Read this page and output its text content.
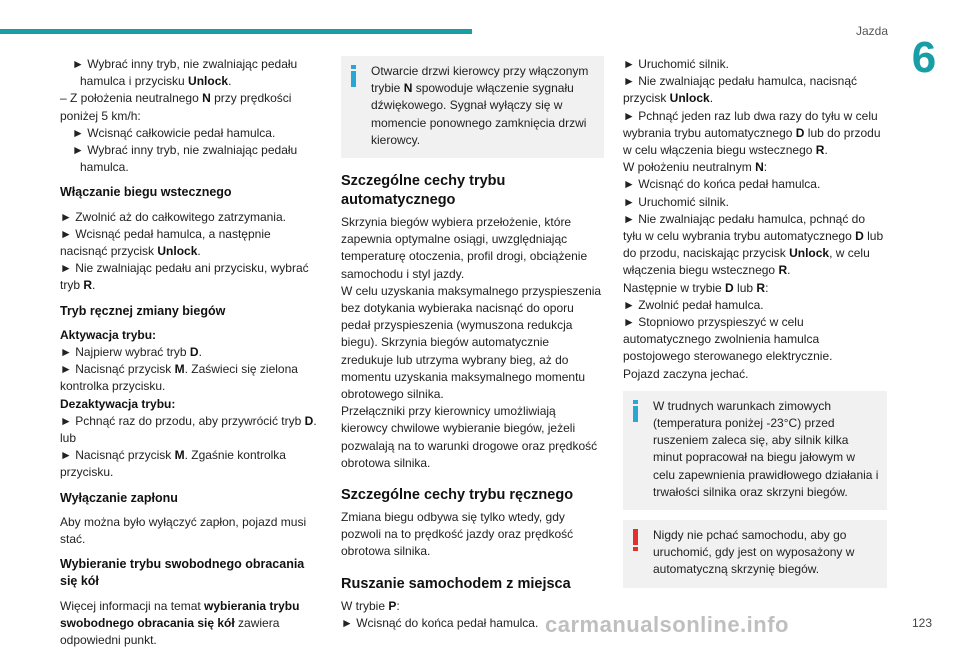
Jazda
6

► Wybrać inny tryb, nie zwalniając pedału hamulca i przycisku Unlock.

– Z położenia neutralnego N przy prędkości poniżej 5 km/h:

► Wcisnąć całkowicie pedał hamulca.

► Wybrać inny tryb, nie zwalniając pedału hamulca.

Włączanie biegu wstecznego

► Zwolnić aż do całkowitego zatrzymania.

► Wcisnąć pedał hamulca, a następnie nacisnąć przycisk Unlock.

► Nie zwalniając pedału ani przycisku, wybrać tryb R.

Tryb ręcznej zmiany biegów

Aktywacja trybu:

► Najpierw wybrać tryb D.

► Nacisnąć przycisk M. Zaświeci się zielona kontrolka przycisku.

Dezaktywacja trybu:

► Pchnąć raz do przodu, aby przywrócić tryb D.

lub

► Nacisnąć przycisk M. Zgaśnie kontrolka przycisku.

Wyłączanie zapłonu

Aby można było wyłączyć zapłon, pojazd musi stać.

Wybieranie trybu swobodnego obracania się kół

Więcej informacji na temat wybierania trybu swobodnego obracania się kół zawiera odpowiedni punkt.

Otwarcie drzwi kierowcy przy włączonym trybie N spowoduje włączenie sygnału dźwiękowego. Sygnał wyłączy się w momencie ponownego zamknięcia drzwi kierowcy.

Szczególne cechy trybu automatycznego

Skrzynia biegów wybiera przełożenie, które zapewnia optymalne osiągi, uwzględniając temperaturę otoczenia, profil drogi, obciążenie samochodu i styl jazdy.

W celu uzyskania maksymalnego przyspieszenia bez dotykania wybieraka nacisnąć do oporu pedał przyspieszenia (wymuszona redukcja biegu). Skrzynia biegów automatycznie zredukuje lub utrzyma wybrany bieg, aż do momentu uzyskania maksymalnego momentu obrotowego silnika.

Przełączniki przy kierownicy umożliwiają kierowcy chwilowe wybieranie biegów, jeżeli pozwalają na to warunki drogowe oraz prędkość obrotowa silnika.

Szczególne cechy trybu ręcznego

Zmiana biegu odbywa się tylko wtedy, gdy pozwoli na to prędkość jazdy oraz prędkość obrotowa silnika.

Ruszanie samochodem z miejsca

W trybie P:

► Wcisnąć do końca pedał hamulca.

► Uruchomić silnik.

► Nie zwalniając pedału hamulca, nacisnąć przycisk Unlock.

► Pchnąć jeden raz lub dwa razy do tyłu w celu wybrania trybu automatycznego D lub do przodu w celu włączenia biegu wstecznego R.

W położeniu neutralnym N:

► Wcisnąć do końca pedał hamulca.

► Uruchomić silnik.

► Nie zwalniając pedału hamulca, pchnąć do tyłu w celu wybrania trybu automatycznego D lub do przodu, naciskając przycisk Unlock, w celu włączenia biegu wstecznego R.

Następnie w trybie D lub R:

► Zwolnić pedał hamulca.

► Stopniowo przyspieszyć w celu automatycznego zwolnienia hamulca postojowego sterowanego elektrycznie.

Pojazd zaczyna jechać.

W trudnych warunkach zimowych (temperatura poniżej -23°C) przed ruszeniem zaleca się, aby silnik kilka minut popracował na biegu jałowym w celu zapewnienia prawidłowego działania i trwałości silnika oraz skrzyni biegów.

Nigdy nie pchać samochodu, aby go uruchomić, gdy jest on wyposażony w automatyczną skrzynię biegów.

123
carmanualsonline.info
